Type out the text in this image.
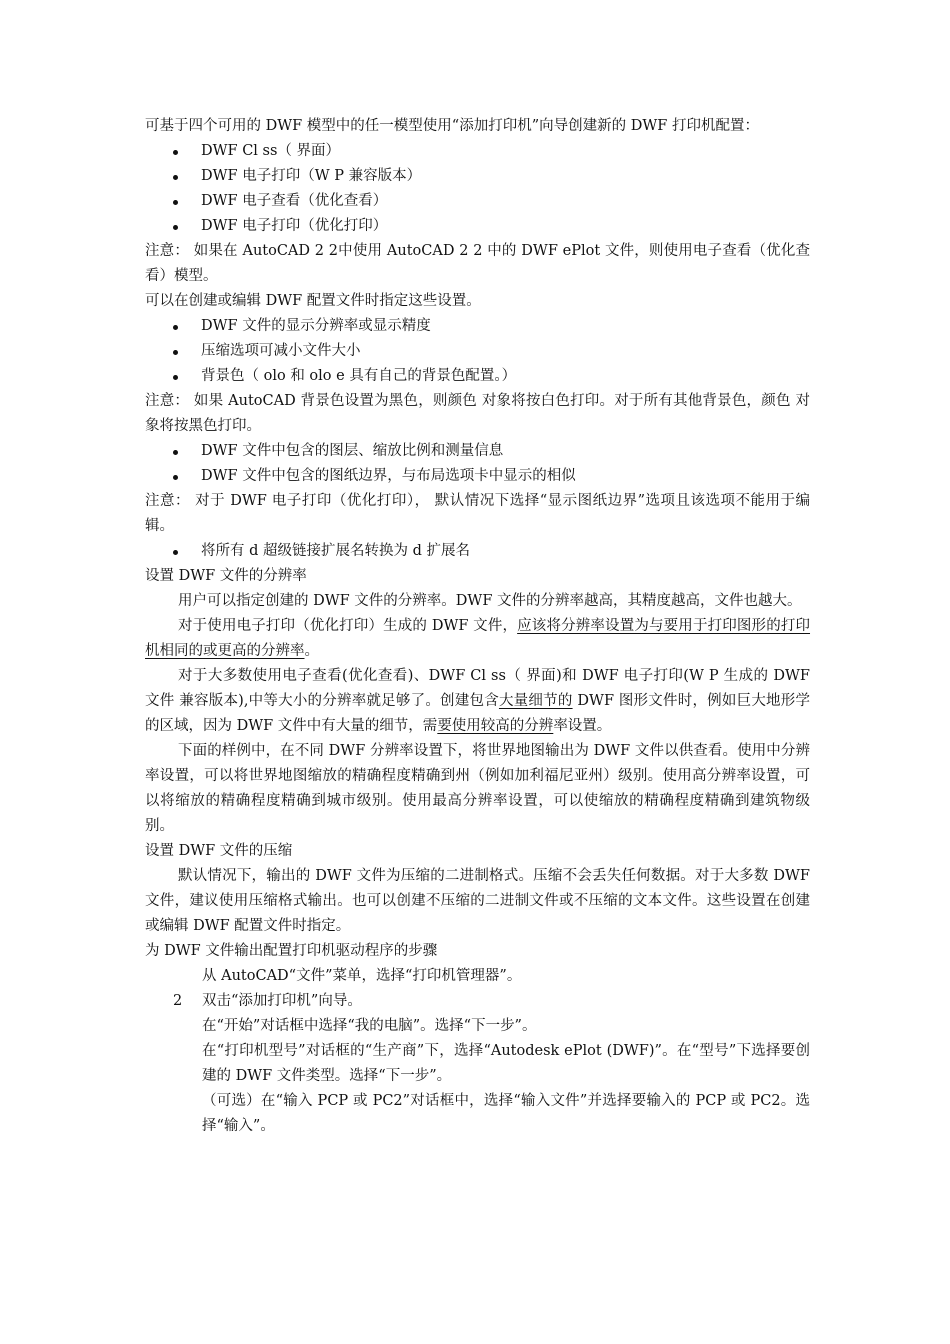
可基于四个可用的 DWF 模型中的任一模型使用“添加打印机”向导创建新的 DWF 打印机配置：

DWF Cl ss（ 界面）
DWF 电子打印（W P 兼容版本）
DWF 电子查看（优化查看）
DWF 电子打印（优化打印）

注意： 如果在 AutoCAD 2 2中使用 AutoCAD 2 2 中的 DWF ePlot 文件，则使用电子查看（优化查看）模型。

可以在创建或编辑 DWF 配置文件时指定这些设置。

DWF 文件的显示分辨率或显示精度
压缩选项可减小文件大小
背景色（ olo 和 olo e 具有自己的背景色配置。）

注意： 如果 AutoCAD 背景色设置为黑色，则颜色 对象将按白色打印。对于所有其他背景色，颜色 对象将按黑色打印。

DWF 文件中包含的图层、缩放比例和测量信息
DWF 文件中包含的图纸边界，与布局选项卡中显示的相似

注意： 对于 DWF 电子打印（优化打印）， 默认情况下选择“显示图纸边界”选项且该选项不能用于编辑。

将所有 d 超级链接扩展名转换为 d 扩展名

设置 DWF 文件的分辨率

用户可以指定创建的 DWF 文件的分辨率。DWF 文件的分辨率越高，其精度越高，文件也越大。

对于使用电子打印（优化打印）生成的 DWF 文件，应该将分辨率设置为与要用于打印图形的打印机相同的或更高的分辨率。

对于大多数使用电子查看(优化查看)、DWF Cl ss（ 界面)和 DWF 电子打印(W P 生成的 DWF 文件 兼容版本),中等大小的分辨率就足够了。创建包含大量细节的 DWF 图形文件时，例如巨大地形学的区域，因为 DWF 文件中有大量的细节，需要使用较高的分辨率设置。

下面的样例中，在不同 DWF 分辨率设置下，将世界地图输出为 DWF 文件以供查看。使用中分辨率设置，可以将世界地图缩放的精确程度精确到州（例如加利福尼亚州）级别。使用高分辨率设置，可以将缩放的精确程度精确到城市级别。使用最高分辨率设置，可以使缩放的精确程度精确到建筑物级别。

设置 DWF 文件的压缩

默认情况下，输出的 DWF 文件为压缩的二进制格式。压缩不会丢失任何数据。对于大多数 DWF 文件，建议使用压缩格式输出。也可以创建不压缩的二进制文件或不压缩的文本文件。这些设置在创建或编辑 DWF 配置文件时指定。

为 DWF 文件输出配置打印机驱动程序的步骤

从 AutoCAD“文件”菜单，选择“打印机管理器”。

2 双击“添加打印机”向导。

在“开始”对话框中选择“我的电脑”。选择“下一步”。

在“打印机型号”对话框的“生产商”下，选择“Autodesk ePlot (DWF)”。在“型号”下选择要创建的 DWF 文件类型。选择“下一步”。

（可选）在“输入 PCP 或 PC2”对话框中，选择“输入文件”并选择要输入的 PCP 或 PC2。选择“输入”。
